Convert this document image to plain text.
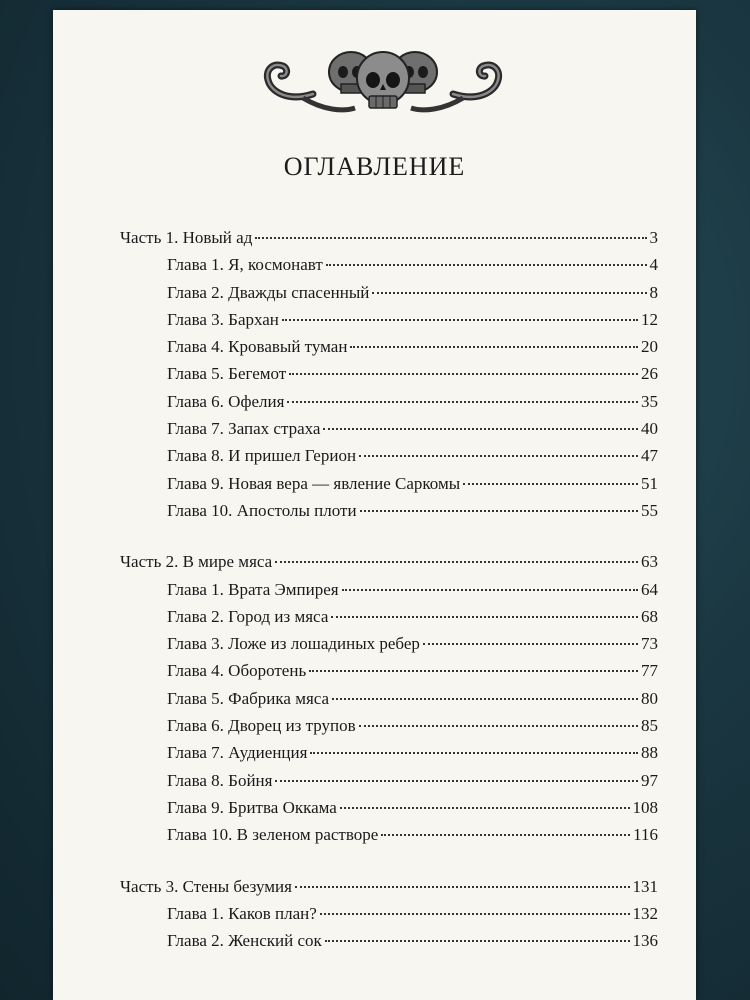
ОГЛАВЛЕНИЕ
Часть 1. Новый ад	3
Глава 1. Я, космонавт	4
Глава 2. Дважды спасенный	8
Глава 3. Бархан	12
Глава 4. Кровавый туман	20
Глава 5. Бегемот	26
Глава 6. Офелия	35
Глава 7. Запах страха	40
Глава 8. И пришел Герион	47
Глава 9. Новая вера — явление Саркомы	51
Глава 10. Апостолы плоти	55
Часть 2. В мире мяса	63
Глава 1. Врата Эмпирея	64
Глава 2. Город из мяса	68
Глава 3. Ложе из лошадиных ребер	73
Глава 4. Оборотень	77
Глава 5. Фабрика мяса	80
Глава 6. Дворец из трупов	85
Глава 7. Аудиенция	88
Глава 8. Бойня	97
Глава 9. Бритва Оккама	108
Глава 10. В зеленом растворе	116
Часть 3. Стены безумия	131
Глава 1. Каков план?	132
Глава 2. Женский сок	136
